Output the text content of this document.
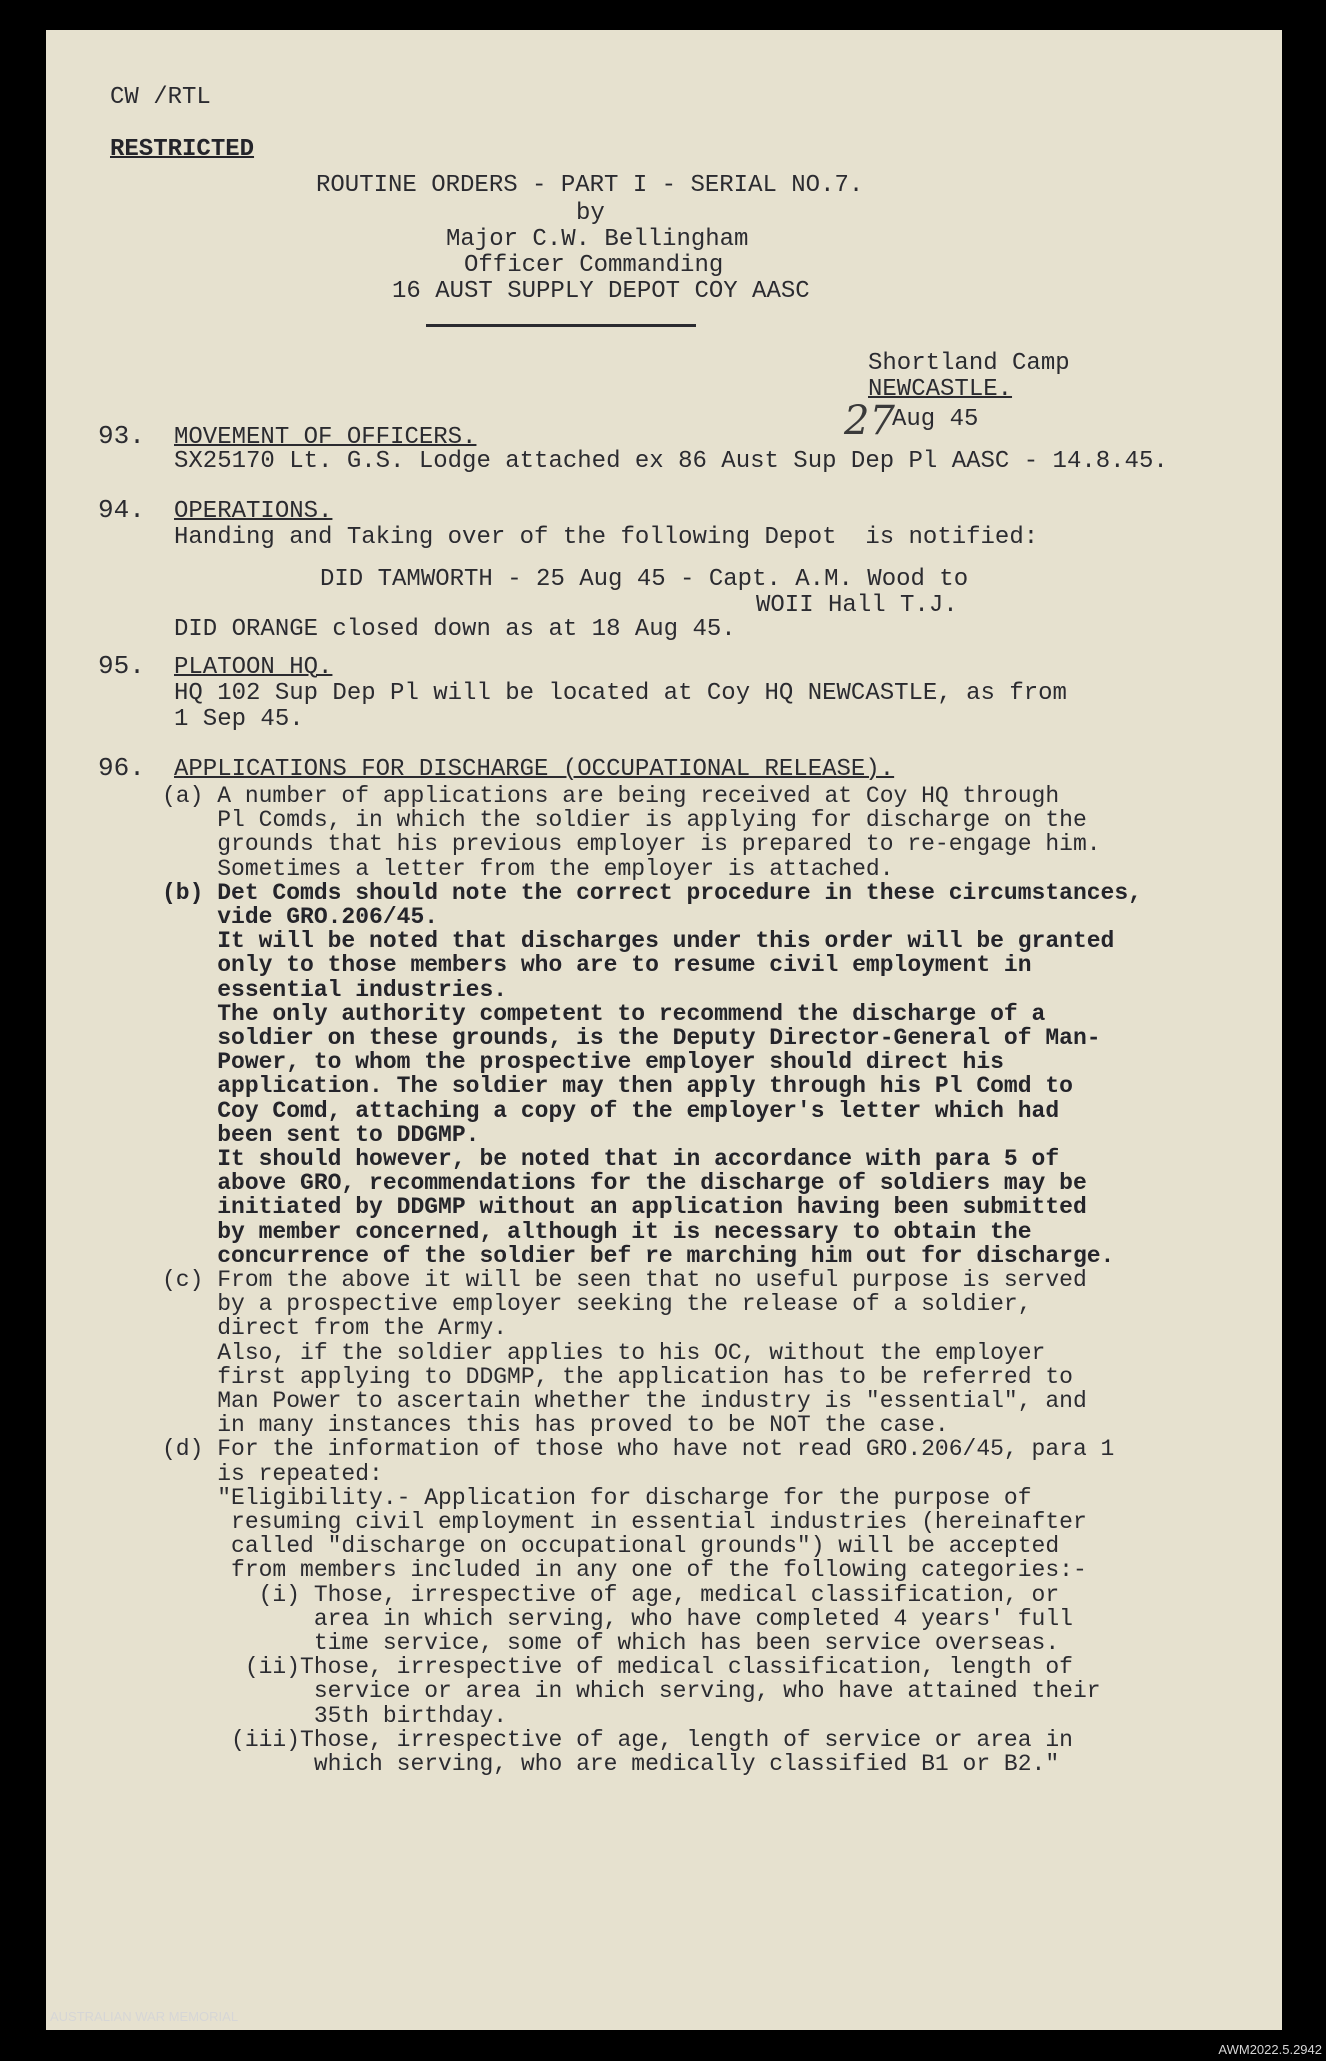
CW /RTL
RESTRICTED
ROUTINE ORDERS - PART I - SERIAL NO.7.
by
Major C.W. Bellingham
Officer Commanding
16 AUST SUPPLY DEPOT COY AASC
Shortland Camp
NEWCASTLE.
27
Aug 45
93. MOVEMENT OF OFFICERS.
SX25170 Lt. G.S. Lodge attached ex 86 Aust Sup Dep Pl AASC - 14.8.45.
94. OPERATIONS.
Handing and Taking over of the following Depot  is notified:
DID TAMWORTH - 25 Aug 45 - Capt. A.M. Wood to
WOII Hall T.J.
DID ORANGE closed down as at 18 Aug 45.
95. PLATOON HQ.
HQ 102 Sup Dep Pl will be located at Coy HQ NEWCASTLE, as from
1 Sep 45.
96. APPLICATIONS FOR DISCHARGE (OCCUPATIONAL RELEASE).
(a) A number of applications are being received at Coy HQ through
Pl Comds, in which the soldier is applying for discharge on the
grounds that his previous employer is prepared to re-engage him.
Sometimes a letter from the employer is attached.
(b) Det Comds should note the correct procedure in these circumstances,
vide GRO.206/45.
It will be noted that discharges under this order will be granted
only to those members who are to resume civil employment in
essential industries.
The only authority competent to recommend the discharge of a
soldier on these grounds, is the Deputy Director-General of Man-
Power, to whom the prospective employer should direct his
application. The soldier may then apply through his Pl Comd to
Coy Comd, attaching a copy of the employer's letter which had
been sent to DDGMP.
It should however, be noted that in accordance with para 5 of
above GRO, recommendations for the discharge of soldiers may be
initiated by DDGMP without an application having been submitted
by member concerned, although it is necessary to obtain the
concurrence of the soldier bef re marching him out for discharge.
(c) From the above it will be seen that no useful purpose is served
by a prospective employer seeking the release of a soldier,
direct from the Army.
Also, if the soldier applies to his OC, without the employer
first applying to DDGMP, the application has to be referred to
Man Power to ascertain whether the industry is "essential", and
in many instances this has proved to be NOT the case.
(d) For the information of those who have not read GRO.206/45, para 1
is repeated:
"Eligibility.- Application for discharge for the purpose of
resuming civil employment in essential industries (hereinafter
called "discharge on occupational grounds") will be accepted
from members included in any one of the following categories:-
(i) Those, irrespective of age, medical classification, or
area in which serving, who have completed 4 years' full
time service, some of which has been service overseas.
(ii)Those, irrespective of medical classification, length of
service or area in which serving, who have attained their
35th birthday.
(iii)Those, irrespective of age, length of service or area in
which serving, who are medically classified B1 or B2."
AUSTRALIAN WAR MEMORIAL
AWM2022.5.2942
